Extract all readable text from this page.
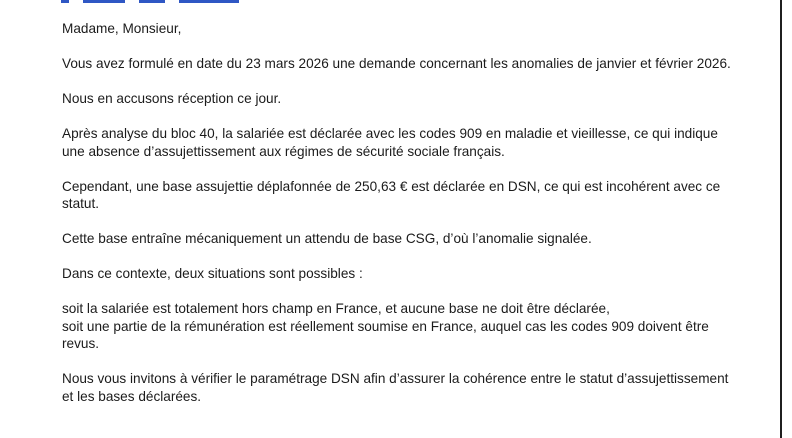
Madame, Monsieur,

Vous avez formulé en date du 23 mars 2026 une demande concernant les anomalies de janvier et février 2026.

Nous en accusons réception ce jour.

Après analyse du bloc 40, la salariée est déclarée avec les codes 909 en maladie et vieillesse, ce qui indique une absence d’assujettissement aux régimes de sécurité sociale français.

Cependant, une base assujettie déplafonnée de 250,63 € est déclarée en DSN, ce qui est incohérent avec ce statut.

Cette base entraîne mécaniquement un attendu de base CSG, d’où l’anomalie signalée.

Dans ce contexte, deux situations sont possibles :

soit la salariée est totalement hors champ en France, et aucune base ne doit être déclarée,
soit une partie de la rémunération est réellement soumise en France, auquel cas les codes 909 doivent être revus.

Nous vous invitons à vérifier le paramétrage DSN afin d’assurer la cohérence entre le statut d’assujettissement et les bases déclarées.
